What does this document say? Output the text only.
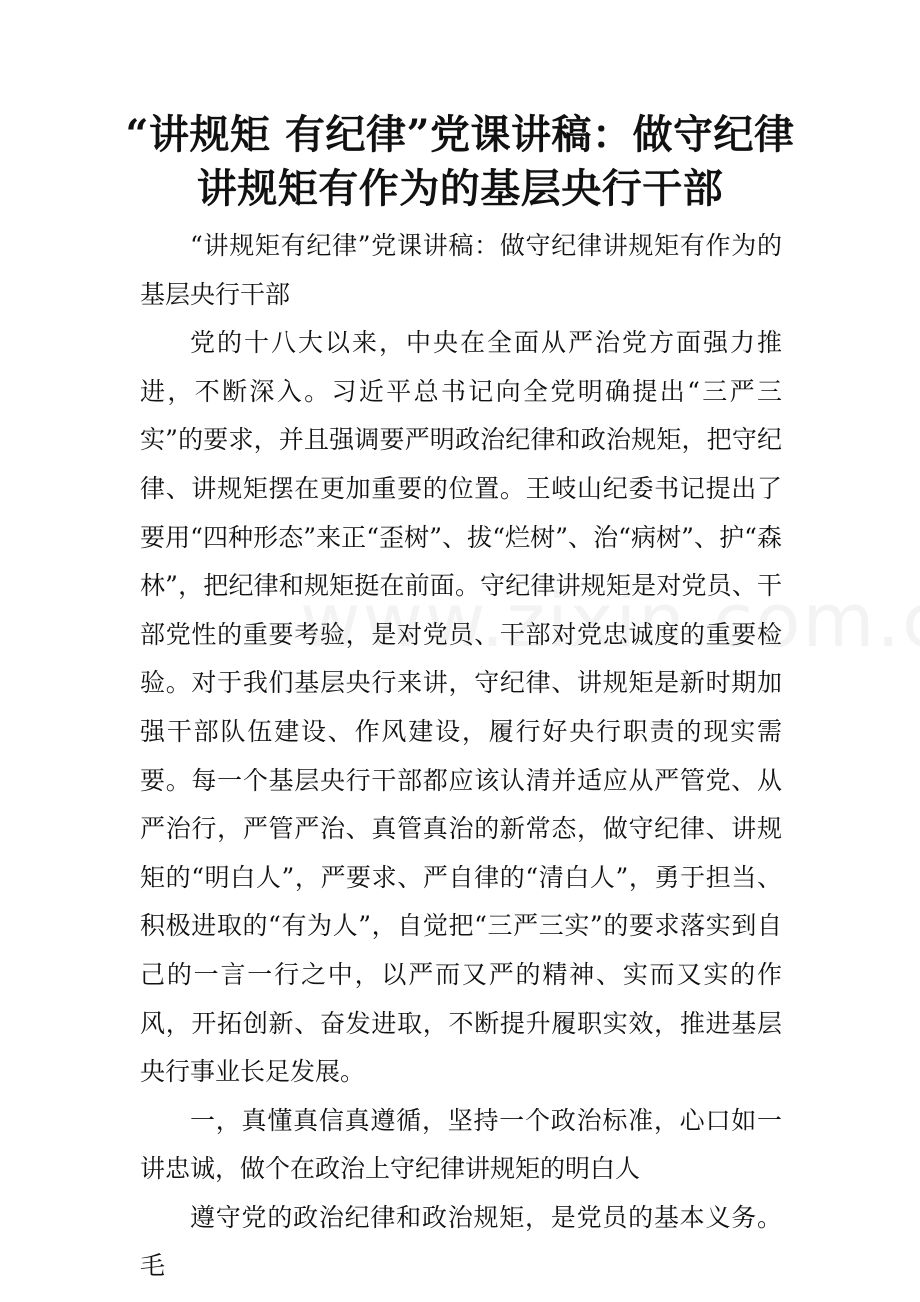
“讲规矩 有纪律”党课讲稿：做守纪律
讲规矩有作为的基层央行干部

“讲规矩有纪律”党课讲稿：做守纪律讲规矩有作为的基层央行干部

党的十八大以来，中央在全面从严治党方面强力推进，不断深入。习近平总书记向全党明确提出“三严三实”的要求，并且强调要严明政治纪律和政治规矩，把守纪律、讲规矩摆在更加重要的位置。王岐山纪委书记提出了要用“四种形态”来正“歪树”、拔“烂树”、治“病树”、护“森林”，把纪律和规矩挺在前面。守纪律讲规矩是对党员、干部党性的重要考验，是对党员、干部对党忠诚度的重要检验。对于我们基层央行来讲，守纪律、讲规矩是新时期加强干部队伍建设、作风建设，履行好央行职责的现实需要。每一个基层央行干部都应该认清并适应从严管党、从严治行，严管严治、真管真治的新常态，做守纪律、讲规矩的“明白人”，严要求、严自律的“清白人”，勇于担当、积极进取的“有为人”，自觉把“三严三实”的要求落实到自己的一言一行之中，以严而又严的精神、实而又实的作风，开拓创新、奋发进取，不断提升履职实效，推进基层央行事业长足发展。

一，真懂真信真遵循，坚持一个政治标准，心口如一讲忠诚，做个在政治上守纪律讲规矩的明白人

遵守党的政治纪律和政治规矩，是党员的基本义务。毛
